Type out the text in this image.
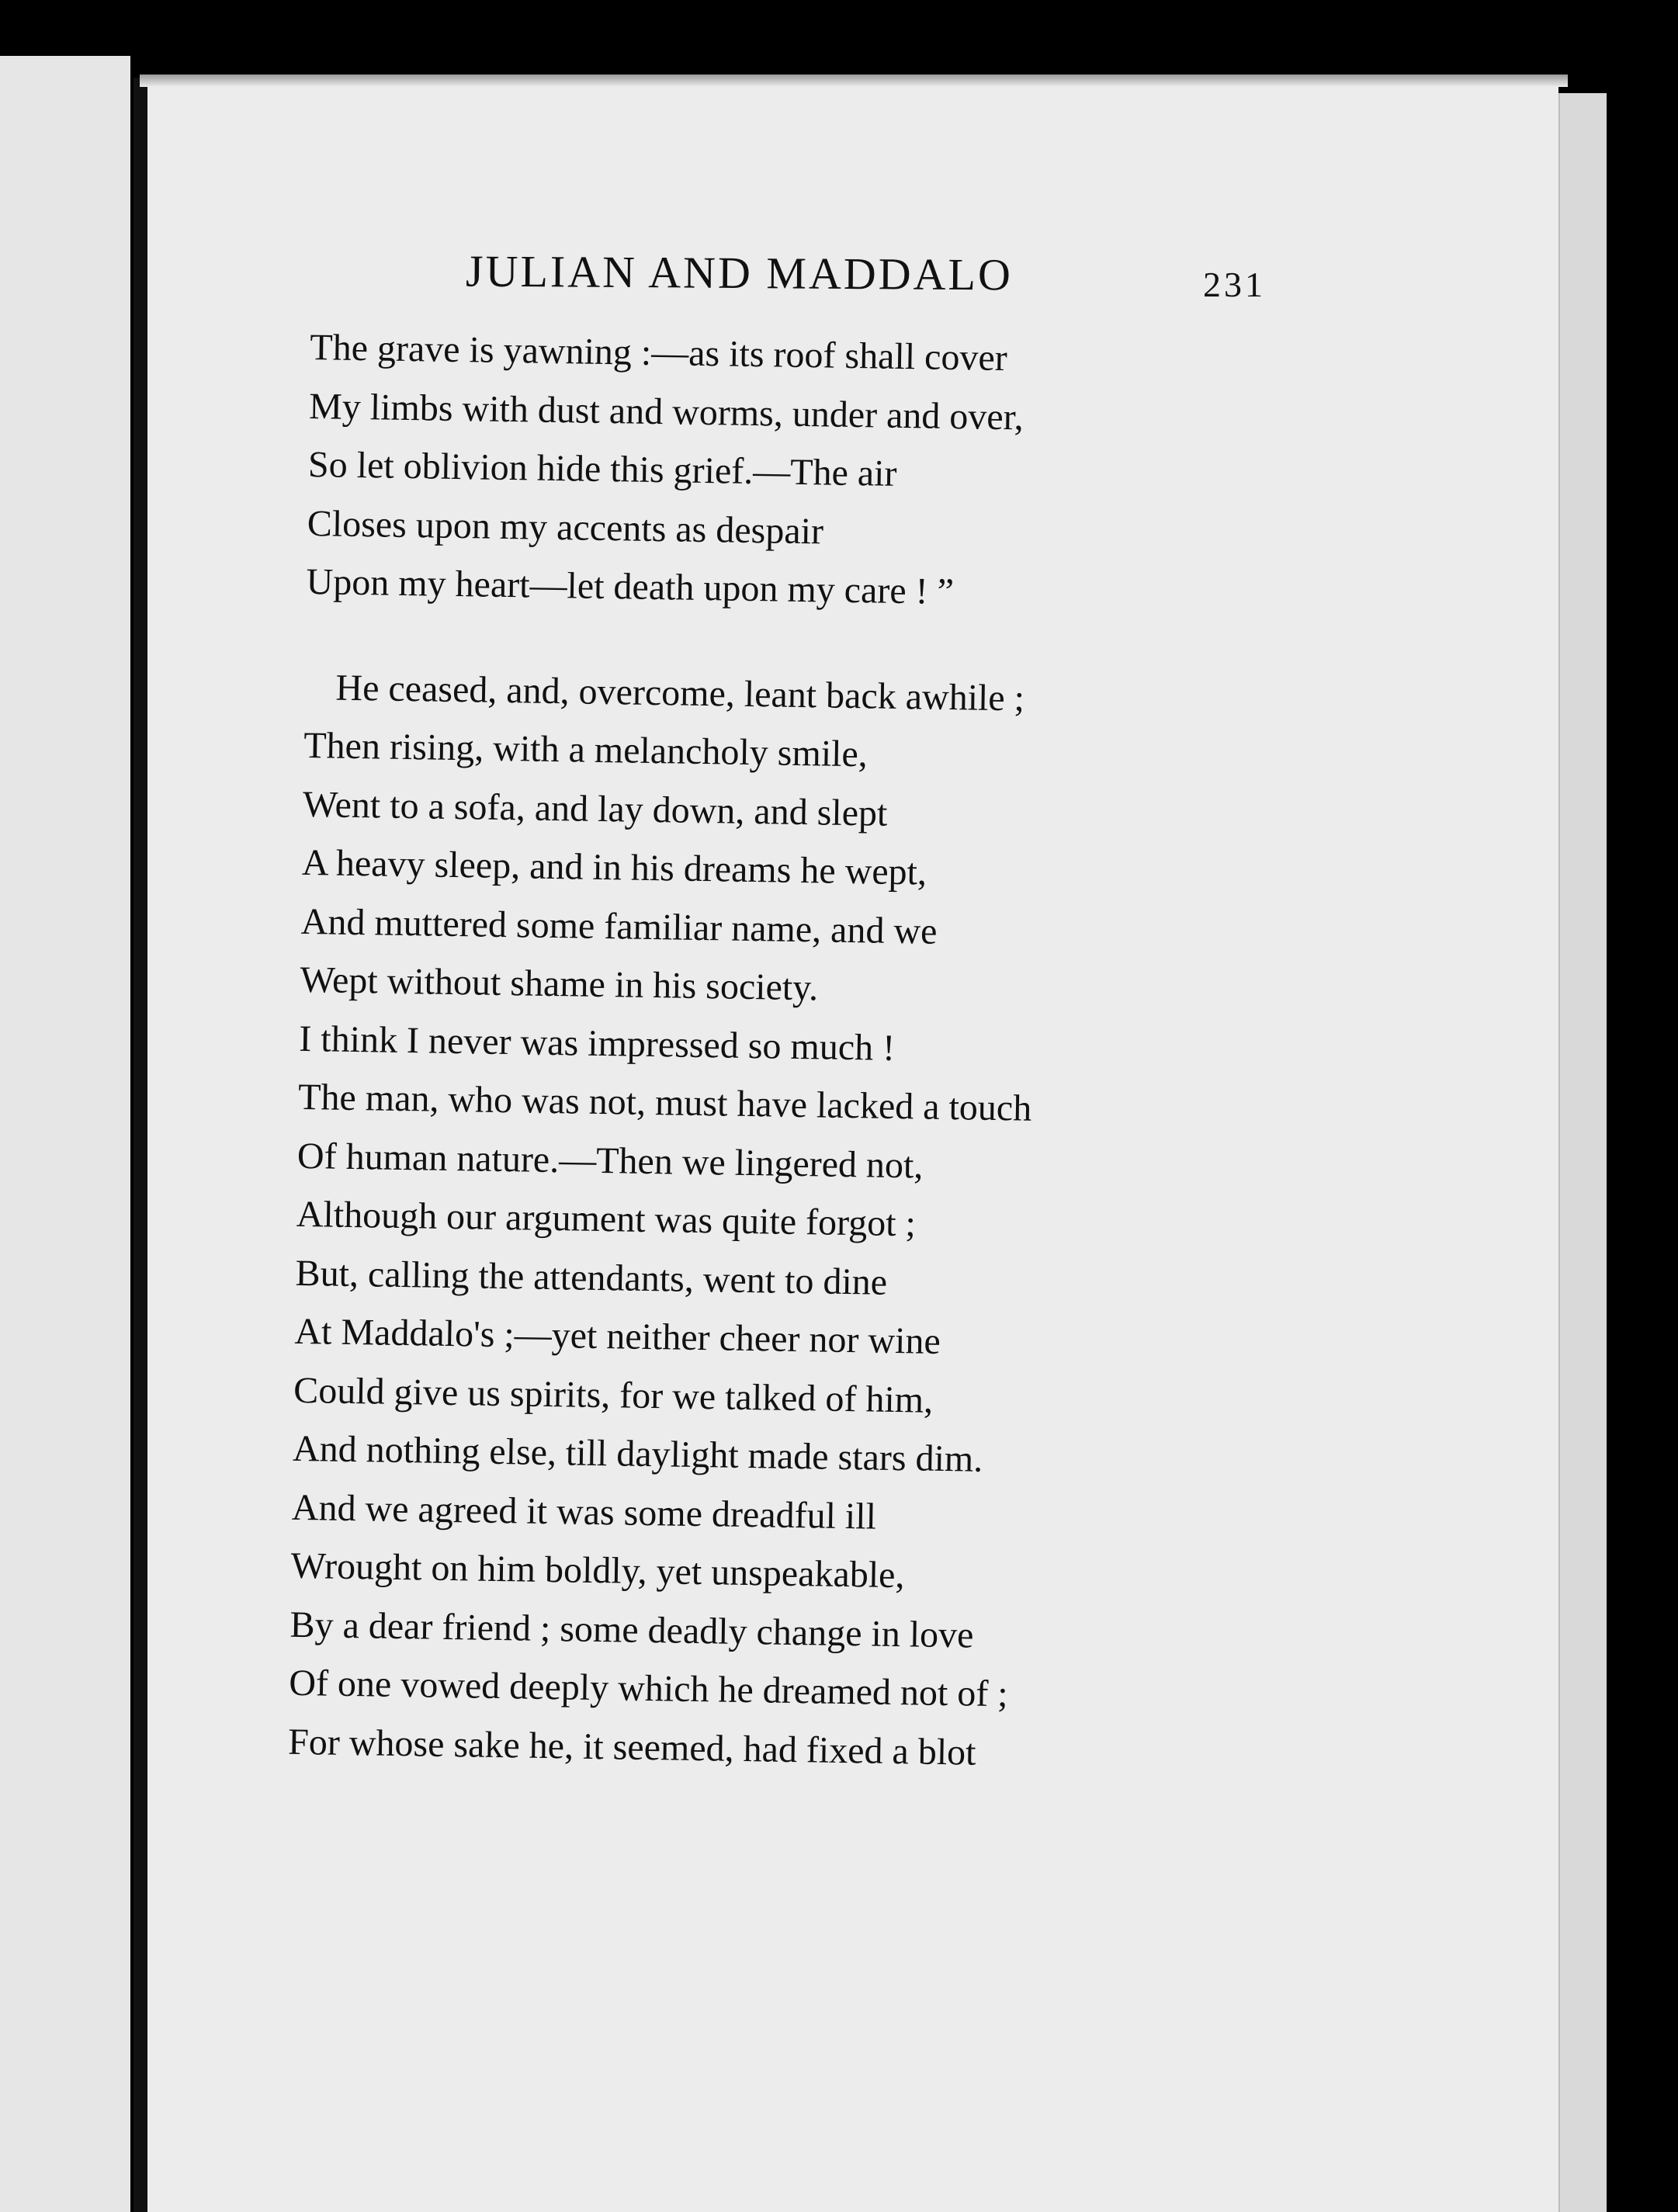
JULIAN AND MADDALO	231
The grave is yawning :—as its roof shall cover
My limbs with dust and worms, under and over,
So let oblivion hide this grief.—The air
Closes upon my accents as despair
Upon my heart—let death upon my care ! ”
He ceased, and, overcome, leant back awhile ;
Then rising, with a melancholy smile,
Went to a sofa, and lay down, and slept
A heavy sleep, and in his dreams he wept,
And muttered some familiar name, and we
Wept without shame in his society.
I think I never was impressed so much !
The man, who was not, must have lacked a touch
Of human nature.—Then we lingered not,
Although our argument was quite forgot ;
But, calling the attendants, went to dine
At Maddalo's ;—yet neither cheer nor wine
Could give us spirits, for we talked of him,
And nothing else, till daylight made stars dim.
And we agreed it was some dreadful ill
Wrought on him boldly, yet unspeakable,
By a dear friend ; some deadly change in love
Of one vowed deeply which he dreamed not of ;
For whose sake he, it seemed, had fixed a blot
